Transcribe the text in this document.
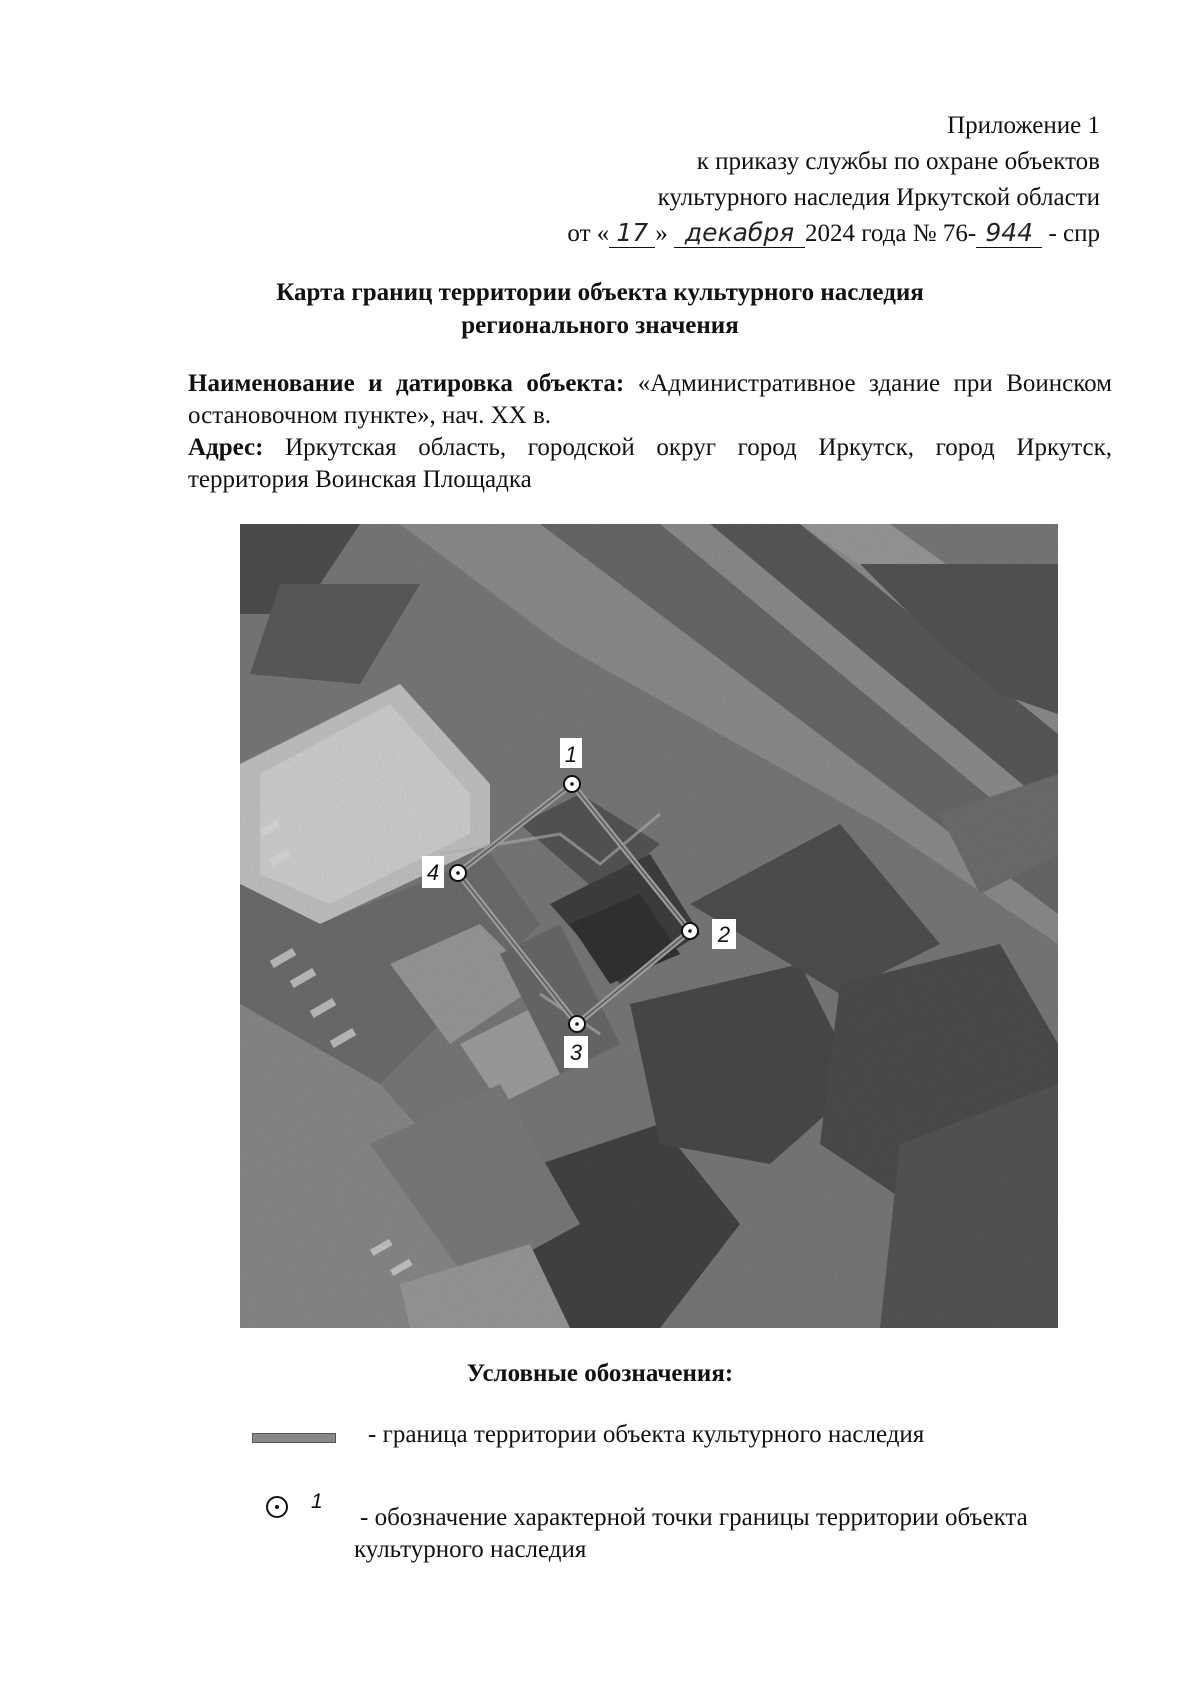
Приложение 1
к приказу службы по охране объектов
культурного наследия Иркутской области
от « 17 » декабря 2024 года № 76- 944 - спр
Карта границ территории объекта культурного наследия
регионального значения

Наименование и датировка объекта: «Административное здание при Воинском остановочном пункте», нач. XX в.

Адрес: Иркутская область, городской округ город Иркутск, город Иркутск, территория Воинская Площадка

1
2
3
4
Условные обозначения:
- граница территории объекта культурного наследия
1
- обозначение характерной точки границы территории объекта
культурного наследия
